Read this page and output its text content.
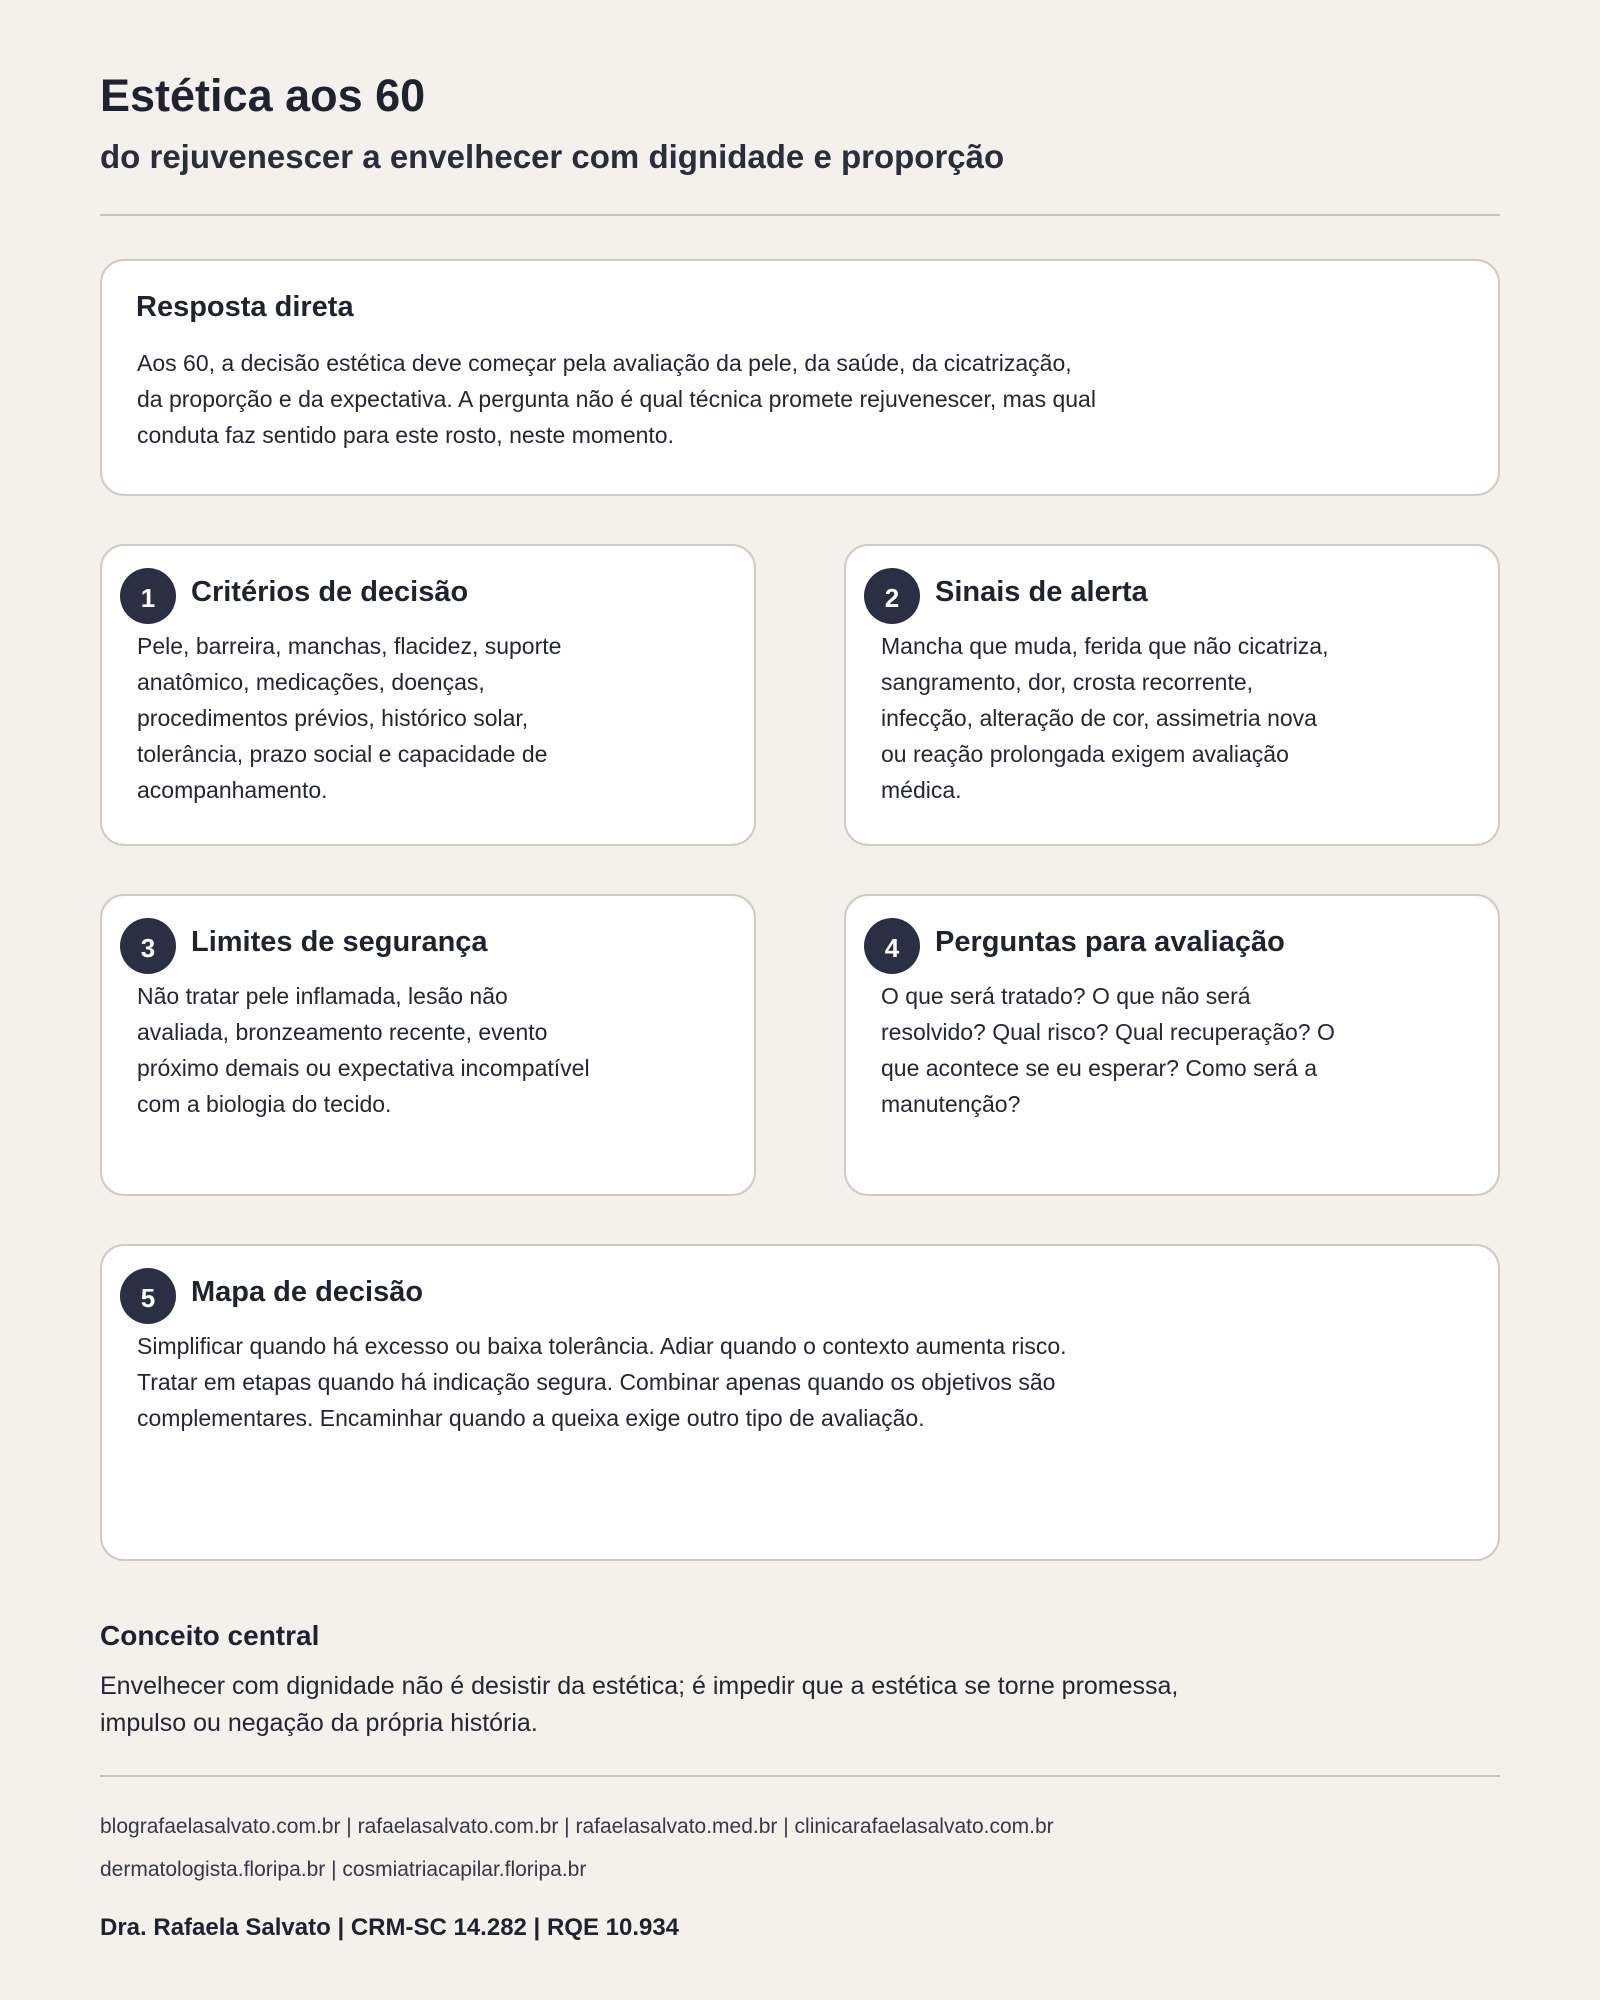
Estética aos 60
do rejuvenescer a envelhecer com dignidade e proporção
Resposta direta

Aos 60, a decisão estética deve começar pela avaliação da pele, da saúde, da cicatrização,
da proporção e da expectativa. A pergunta não é qual técnica promete rejuvenescer, mas qual
conduta faz sentido para este rosto, neste momento.

1 Critérios de decisão

Pele, barreira, manchas, flacidez, suporte
anatômico, medicações, doenças,
procedimentos prévios, histórico solar,
tolerância, prazo social e capacidade de
acompanhamento.

2 Sinais de alerta

Mancha que muda, ferida que não cicatriza,
sangramento, dor, crosta recorrente,
infecção, alteração de cor, assimetria nova
ou reação prolongada exigem avaliação
médica.

3 Limites de segurança

Não tratar pele inflamada, lesão não
avaliada, bronzeamento recente, evento
próximo demais ou expectativa incompatível
com a biologia do tecido.

4 Perguntas para avaliação

O que será tratado? O que não será
resolvido? Qual risco? Qual recuperação? O
que acontece se eu esperar? Como será a
manutenção?

5 Mapa de decisão

Simplificar quando há excesso ou baixa tolerância. Adiar quando o contexto aumenta risco.
Tratar em etapas quando há indicação segura. Combinar apenas quando os objetivos são
complementares. Encaminhar quando a queixa exige outro tipo de avaliação.

Conceito central

Envelhecer com dignidade não é desistir da estética; é impedir que a estética se torne promessa,
impulso ou negação da própria história.

blografaelasalvato.com.br | rafaelasalvato.com.br | rafaelasalvato.med.br | clinicarafaelasalvato.com.br

dermatologista.floripa.br | cosmiatriacapilar.floripa.br

Dra. Rafaela Salvato | CRM-SC 14.282 | RQE 10.934
